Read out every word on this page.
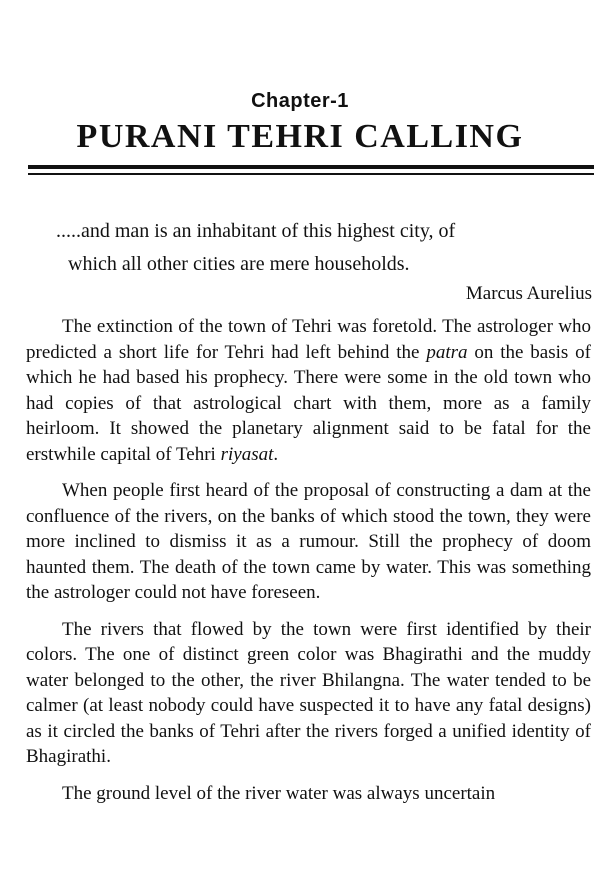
Chapter-1
PURANI TEHRI CALLING
.....and man is an inhabitant of this highest city, of
which all other cities are mere households.
Marcus Aurelius

The extinction of the town of Tehri was foretold. The astrologer who predicted a short life for Tehri had left behind the patra on the basis of which he had based his prophecy. There were some in the old town who had copies of that astrological chart with them, more as a family heirloom. It showed the planetary alignment said to be fatal for the erstwhile capital of Tehri riyasat.

When people first heard of the proposal of constructing a dam at the confluence of the rivers, on the banks of which stood the town, they were more inclined to dismiss it as a rumour. Still the prophecy of doom haunted them. The death of the town came by water. This was something the astrologer could not have foreseen.

The rivers that flowed by the town were first identified by their colors. The one of distinct green color was Bhagirathi and the muddy water belonged to the other, the river Bhilangna. The water tended to be calmer (at least nobody could have suspected it to have any fatal designs) as it circled the banks of Tehri after the rivers forged a unified identity of Bhagirathi.

The ground level of the river water was always uncertain
